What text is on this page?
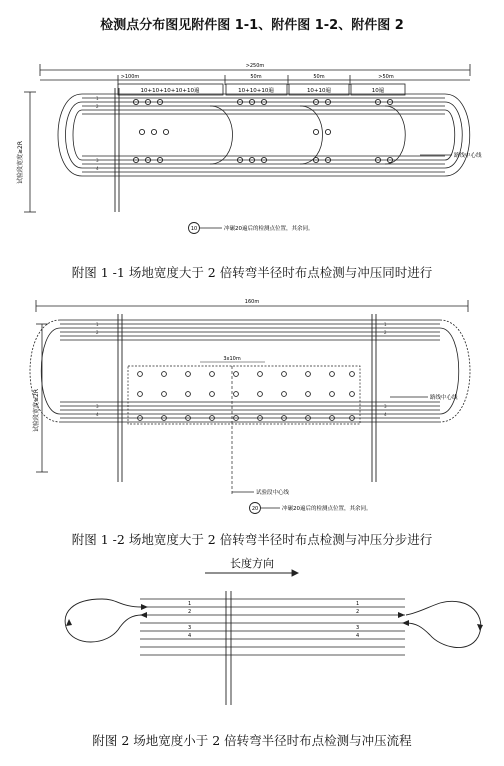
检测点分布图见附件图 1-1、附件图 1-2、附件图 2
1
2
3
4
>250m
>100m	50m	50m	>50m
10+10+10+10+10遍	10+10+10遍	10+10遍	10遍
试验段宽度≥2R	路线中心线
10	冲碾20遍后的检测点位置，其余同。
附图 1 -1 场地宽度大于 2 倍转弯半径时布点检测与冲压同时进行
1
2
3
4
1
2
3
4
160m
3x10m
试验段宽度≥2R	路线中心线
试验段中心线
20	冲碾20遍后的检测点位置，其余同。
附图 1 -2 场地宽度大于 2 倍转弯半径时布点检测与冲压分步进行
1
2
3
4
1
2
3
4
长度方向
附图 2 场地宽度小于 2 倍转弯半径时布点检测与冲压流程
